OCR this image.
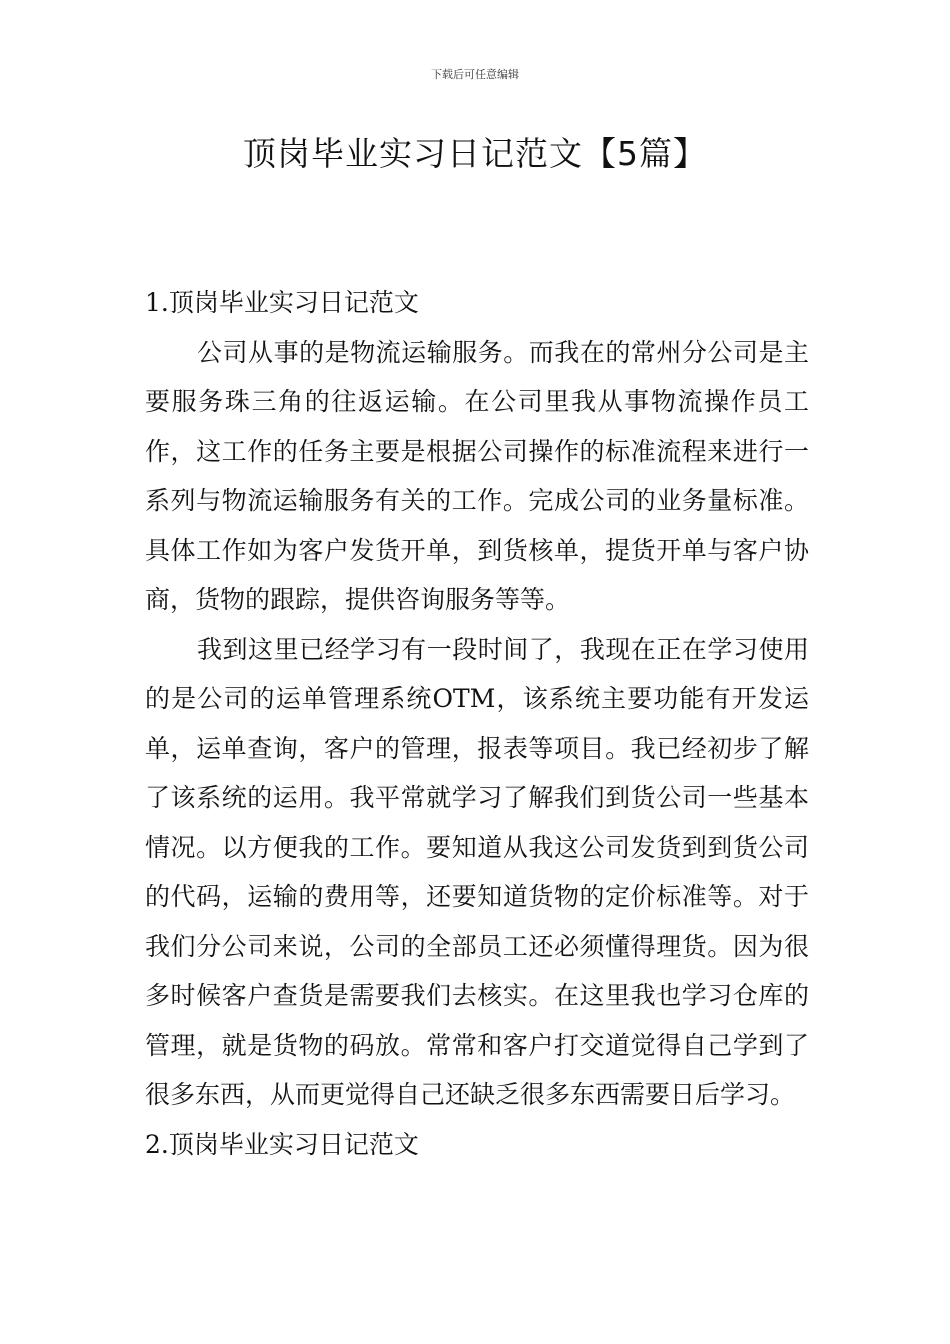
下载后可任意编辑
顶岗毕业实习日记范文【5篇】
1.顶岗毕业实习日记范文

公司从事的是物流运输服务。而我在的常州分公司是主要服务珠三角的往返运输。在公司里我从事物流操作员工作，这工作的任务主要是根据公司操作的标准流程来进行一系列与物流运输服务有关的工作。完成公司的业务量标准。具体工作如为客户发货开单，到货核单，提货开单与客户协商，货物的跟踪，提供咨询服务等等。

我到这里已经学习有一段时间了，我现在正在学习使用的是公司的运单管理系统OTM，该系统主要功能有开发运单，运单查询，客户的管理，报表等项目。我已经初步了解了该系统的运用。我平常就学习了解我们到货公司一些基本情况。以方便我的工作。要知道从我这公司发货到到货公司的代码，运输的费用等，还要知道货物的定价标准等。对于我们分公司来说，公司的全部员工还必须懂得理货。因为很多时候客户查货是需要我们去核实。在这里我也学习仓库的管理，就是货物的码放。常常和客户打交道觉得自己学到了很多东西，从而更觉得自己还缺乏很多东西需要日后学习。

2.顶岗毕业实习日记范文
